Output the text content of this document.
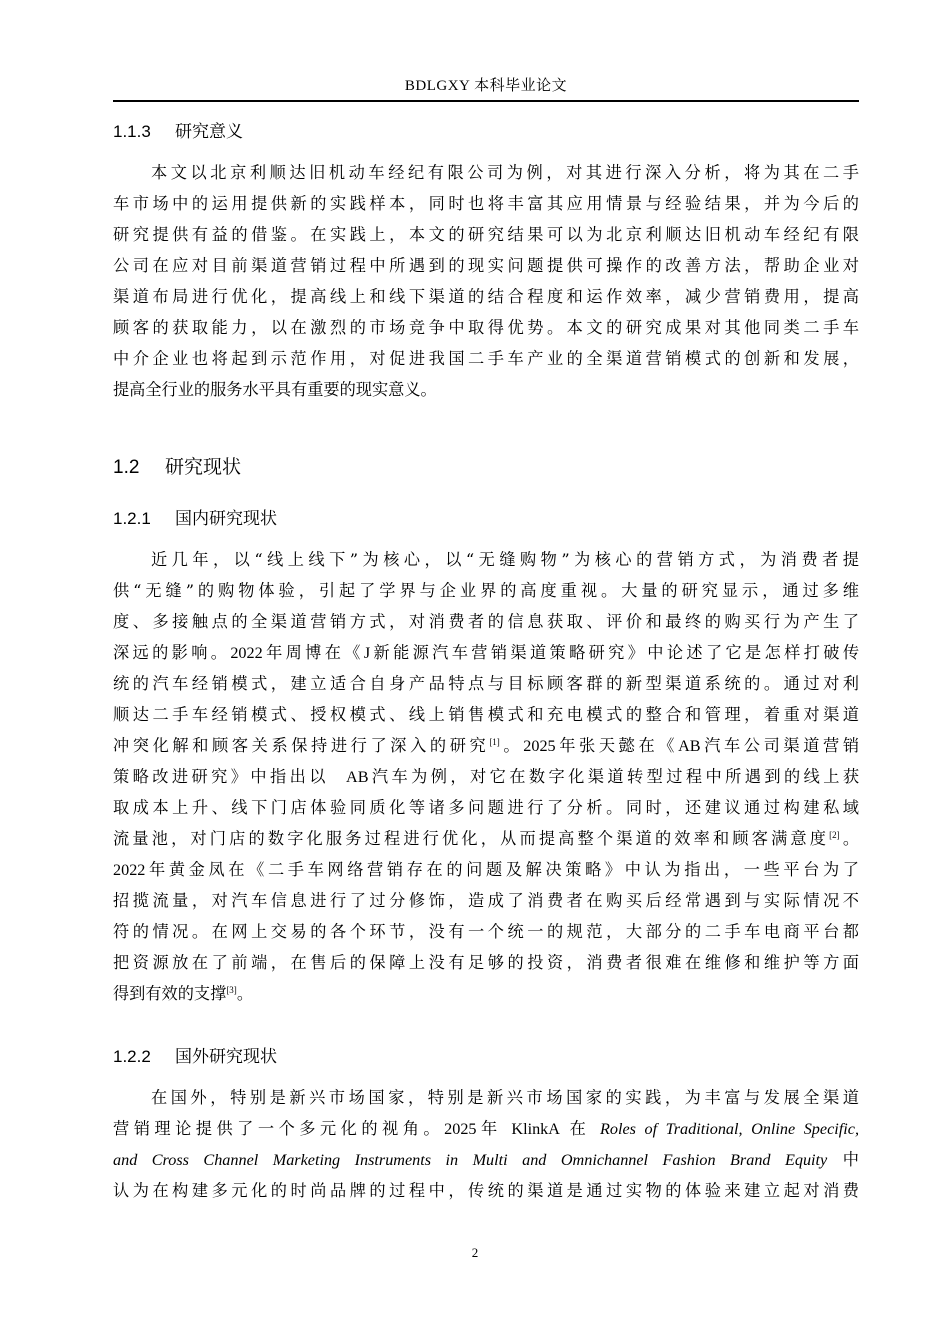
BDLGXY 本科毕业论文
1.1.3 研究意义
本文以北京利顺达旧机动车经纪有限公司为例，对其进行深入分析，将为其在二手
车市场中的运用提供新的实践样本，同时也将丰富其应用情景与经验结果，并为今后的
研究提供有益的借鉴。在实践上，本文的研究结果可以为北京利顺达旧机动车经纪有限
公司在应对目前渠道营销过程中所遇到的现实问题提供可操作的改善方法，帮助企业对
渠道布局进行优化，提高线上和线下渠道的结合程度和运作效率，减少营销费用，提高
顾客的获取能力，以在激烈的市场竞争中取得优势。本文的研究成果对其他同类二手车
中介企业也将起到示范作用，对促进我国二手车产业的全渠道营销模式的创新和发展，
提高全行业的服务水平具有重要的现实意义。
1.2 研究现状
1.2.1 国内研究现状
近几年，以“线上线下”为核心，以“无缝购物”为核心的营销方式，为消费者提
供“无缝”的购物体验，引起了学界与企业界的高度重视。大量的研究显示，通过多维
度、多接触点的全渠道营销方式，对消费者的信息获取、评价和最终的购买行为产生了
深远的影响。2022年周博在《J新能源汽车营销渠道策略研究》中论述了它是怎样打破传
统的汽车经销模式，建立适合自身产品特点与目标顾客群的新型渠道系统的。通过对利
顺达二手车经销模式、授权模式、线上销售模式和充电模式的整合和管理，着重对渠道
冲突化解和顾客关系保持进行了深入的研究[1]。2025年张天懿在《AB汽车公司渠道营销
策略改进研究》中指出以 AB汽车为例，对它在数字化渠道转型过程中所遇到的线上获
取成本上升、线下门店体验同质化等诸多问题进行了分析。同时，还建议通过构建私域
流量池，对门店的数字化服务过程进行优化，从而提高整个渠道的效率和顾客满意度[2]。
2022年黄金凤在《二手车网络营销存在的问题及解决策略》中认为指出，一些平台为了
招揽流量，对汽车信息进行了过分修饰，造成了消费者在购买后经常遇到与实际情况不
符的情况。在网上交易的各个环节，没有一个统一的规范，大部分的二手车电商平台都
把资源放在了前端，在售后的保障上没有足够的投资，消费者很难在维修和维护等方面
得到有效的支撑[3]。
1.2.2 国外研究现状
在国外，特别是新兴市场国家，特别是新兴市场国家的实践，为丰富与发展全渠道
营销理论提供了一个多元化的视角。2025年 KlinkA 在 Roles of Traditional, Online Specific,
and Cross Channel Marketing Instruments in Multi and Omnichannel Fashion Brand Equity 中
认为在构建多元化的时尚品牌的过程中，传统的渠道是通过实物的体验来建立起对消费
2
